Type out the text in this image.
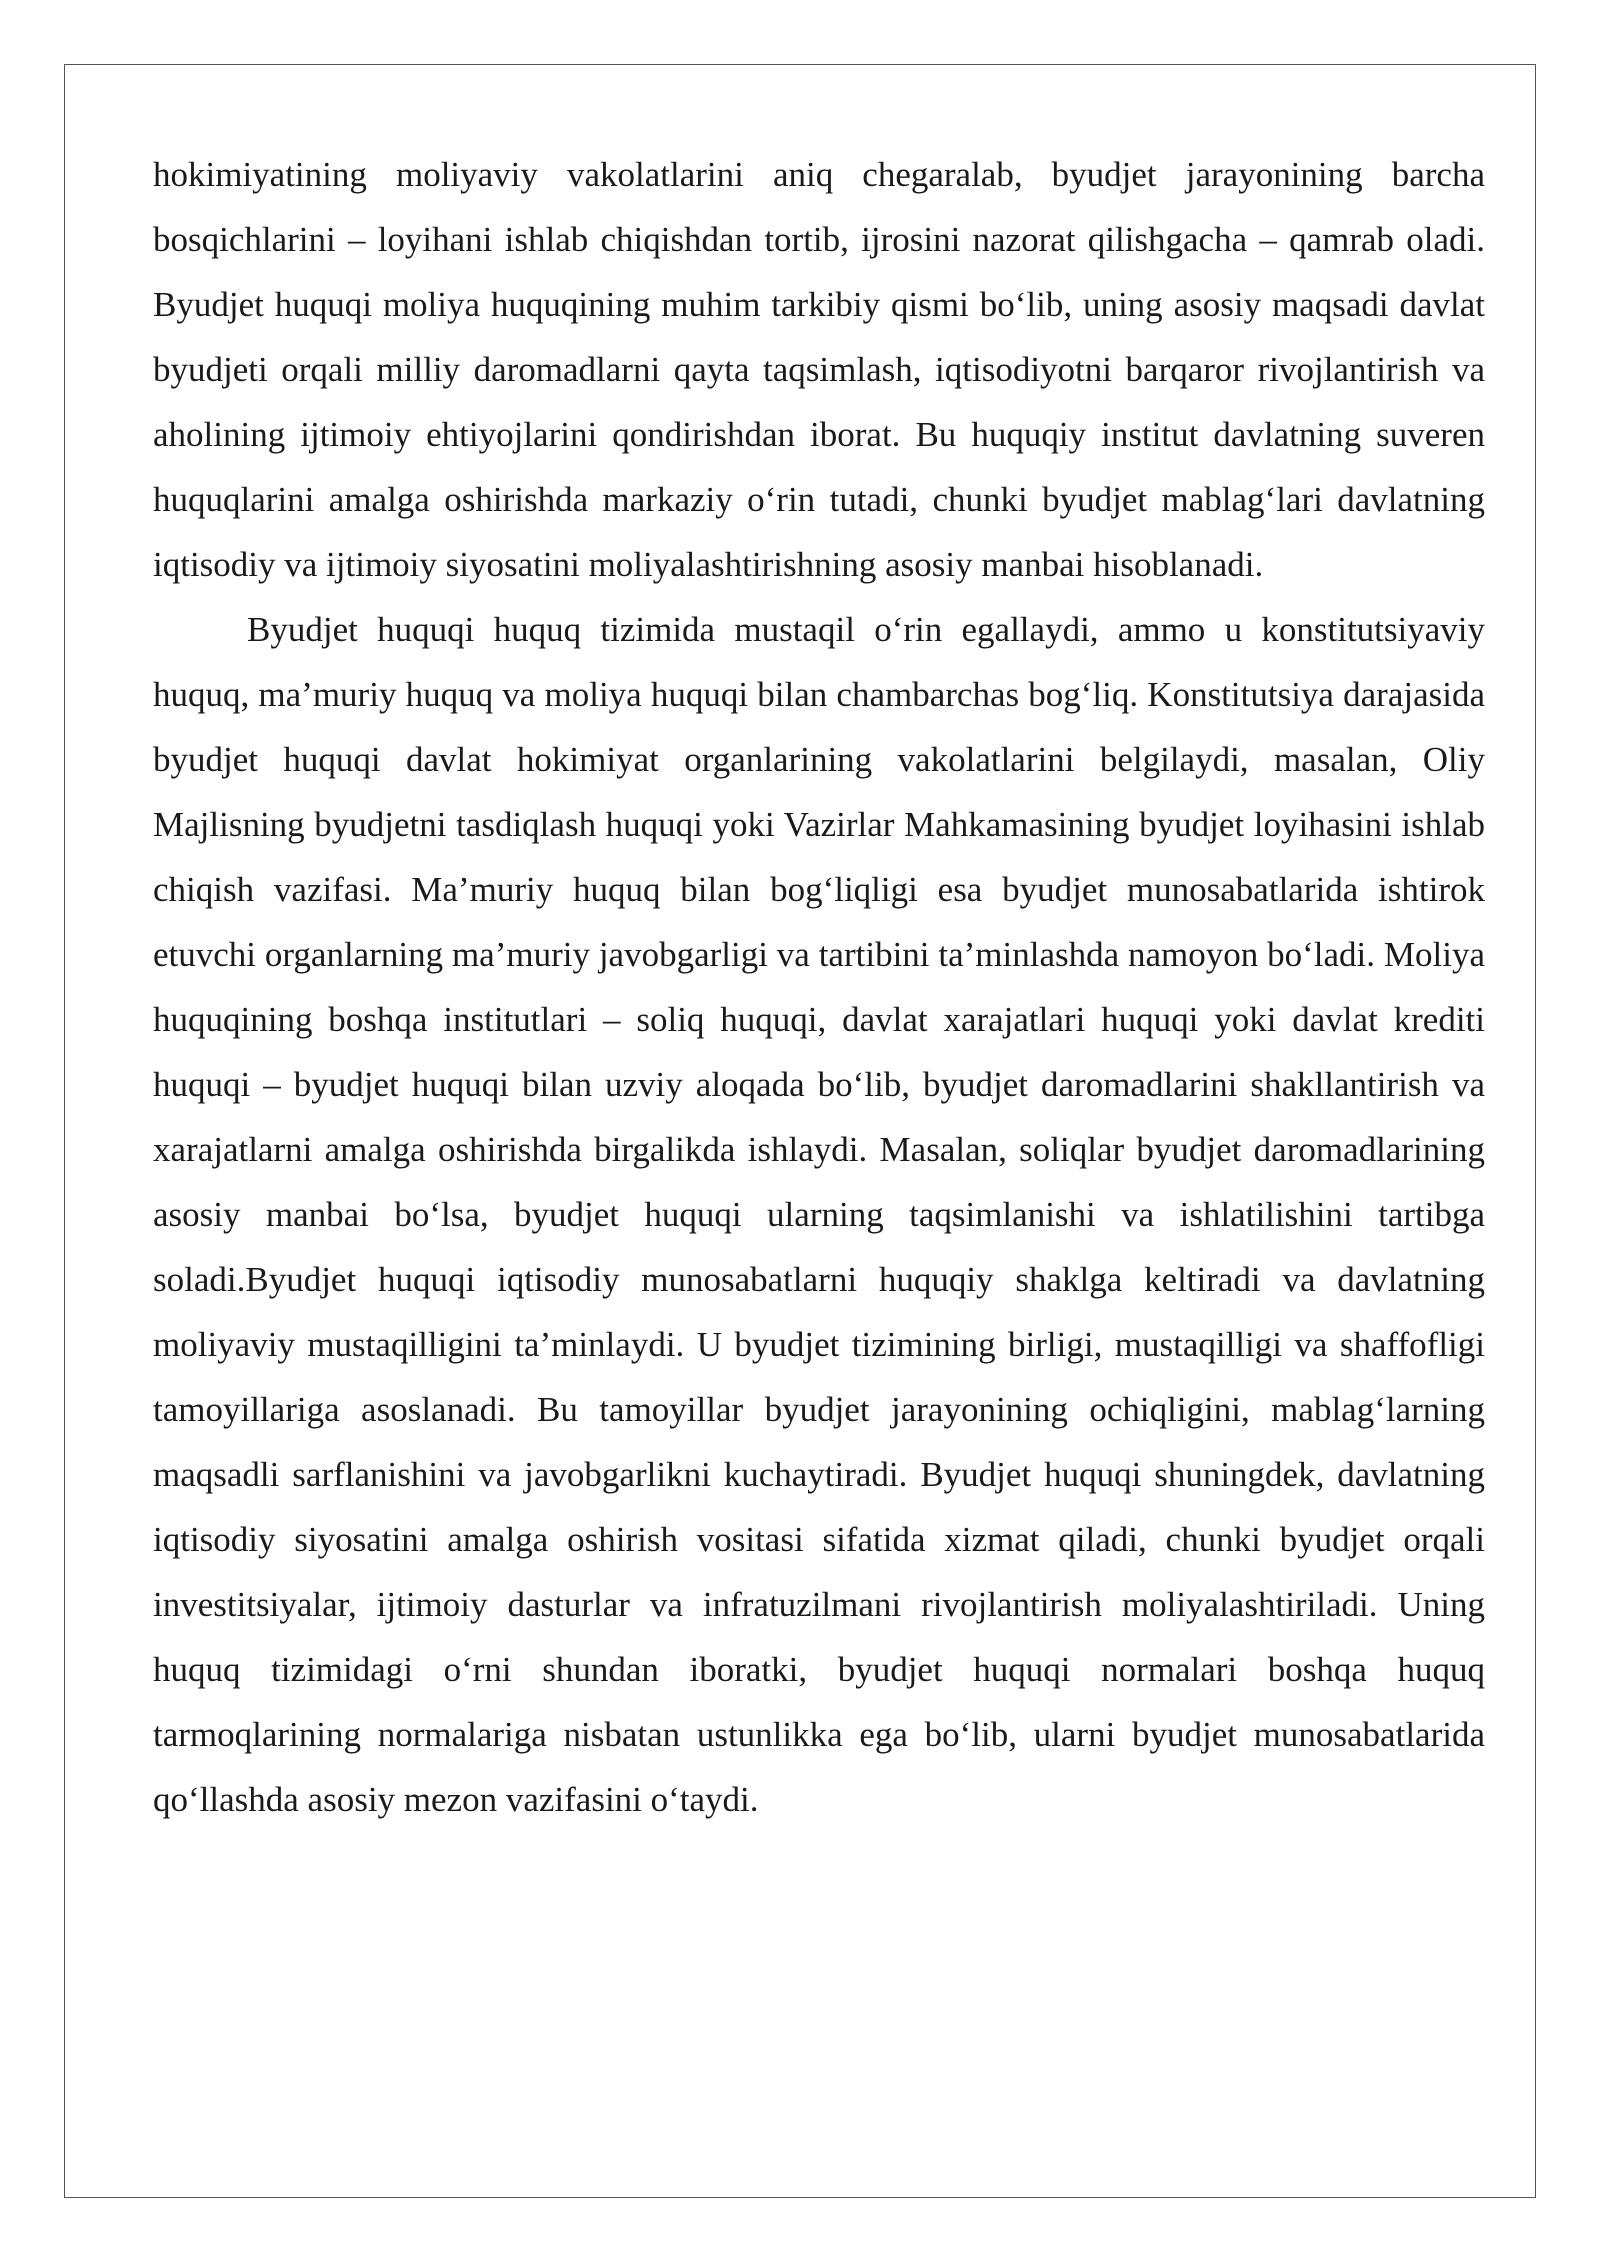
hokimiyatining moliyaviy vakolatlarini aniq chegaralab, byudjet jarayonining barcha bosqichlarini – loyihani ishlab chiqishdan tortib, ijrosini nazorat qilishgacha – qamrab oladi. Byudjet huquqi moliya huquqining muhim tarkibiy qismi bo‘lib, uning asosiy maqsadi davlat byudjeti orqali milliy daromadlarni qayta taqsimlash, iqtisodiyotni barqaror rivojlantirish va aholining ijtimoiy ehtiyojlarini qondirishdan iborat. Bu huquqiy institut davlatning suveren huquqlarini amalga oshirishda markaziy o‘rin tutadi, chunki byudjet mablag‘lari davlatning iqtisodiy va ijtimoiy siyosatini moliyalashtirishning asosiy manbai hisoblanadi.

Byudjet huquqi huquq tizimida mustaqil o‘rin egallaydi, ammo u konstitutsiyaviy huquq, ma’muriy huquq va moliya huquqi bilan chambarchas bog‘liq. Konstitutsiya darajasida byudjet huquqi davlat hokimiyat organlarining vakolatlarini belgilaydi, masalan, Oliy Majlisning byudjetni tasdiqlash huquqi yoki Vazirlar Mahkamasining byudjet loyihasini ishlab chiqish vazifasi. Ma’muriy huquq bilan bog‘liqligi esa byudjet munosabatlarida ishtirok etuvchi organlarning ma’muriy javobgarligi va tartibini ta’minlashda namoyon bo‘ladi. Moliya huquqining boshqa institutlari – soliq huquqi, davlat xarajatlari huquqi yoki davlat krediti huquqi – byudjet huquqi bilan uzviy aloqada bo‘lib, byudjet daromadlarini shakllantirish va xarajatlarni amalga oshirishda birgalikda ishlaydi. Masalan, soliqlar byudjet daromadlarining asosiy manbai bo‘lsa, byudjet huquqi ularning taqsimlanishi va ishlatilishini tartibga soladi.Byudjet huquqi iqtisodiy munosabatlarni huquqiy shaklga keltiradi va davlatning moliyaviy mustaqilligini ta’minlaydi. U byudjet tizimining birligi, mustaqilligi va shaffofligi tamoyillariga asoslanadi. Bu tamoyillar byudjet jarayonining ochiqligini, mablag‘larning maqsadli sarflanishini va javobgarlikni kuchaytiradi. Byudjet huquqi shuningdek, davlatning iqtisodiy siyosatini amalga oshirish vositasi sifatida xizmat qiladi, chunki byudjet orqali investitsiyalar, ijtimoiy dasturlar va infratuzilmani rivojlantirish moliyalashtiriladi. Uning huquq tizimidagi o‘rni shundan iboratki, byudjet huquqi normalari boshqa huquq tarmoqlarining normalariga nisbatan ustunlikka ega bo‘lib, ularni byudjet munosabatlarida qo‘llashda asosiy mezon vazifasini o‘taydi.
